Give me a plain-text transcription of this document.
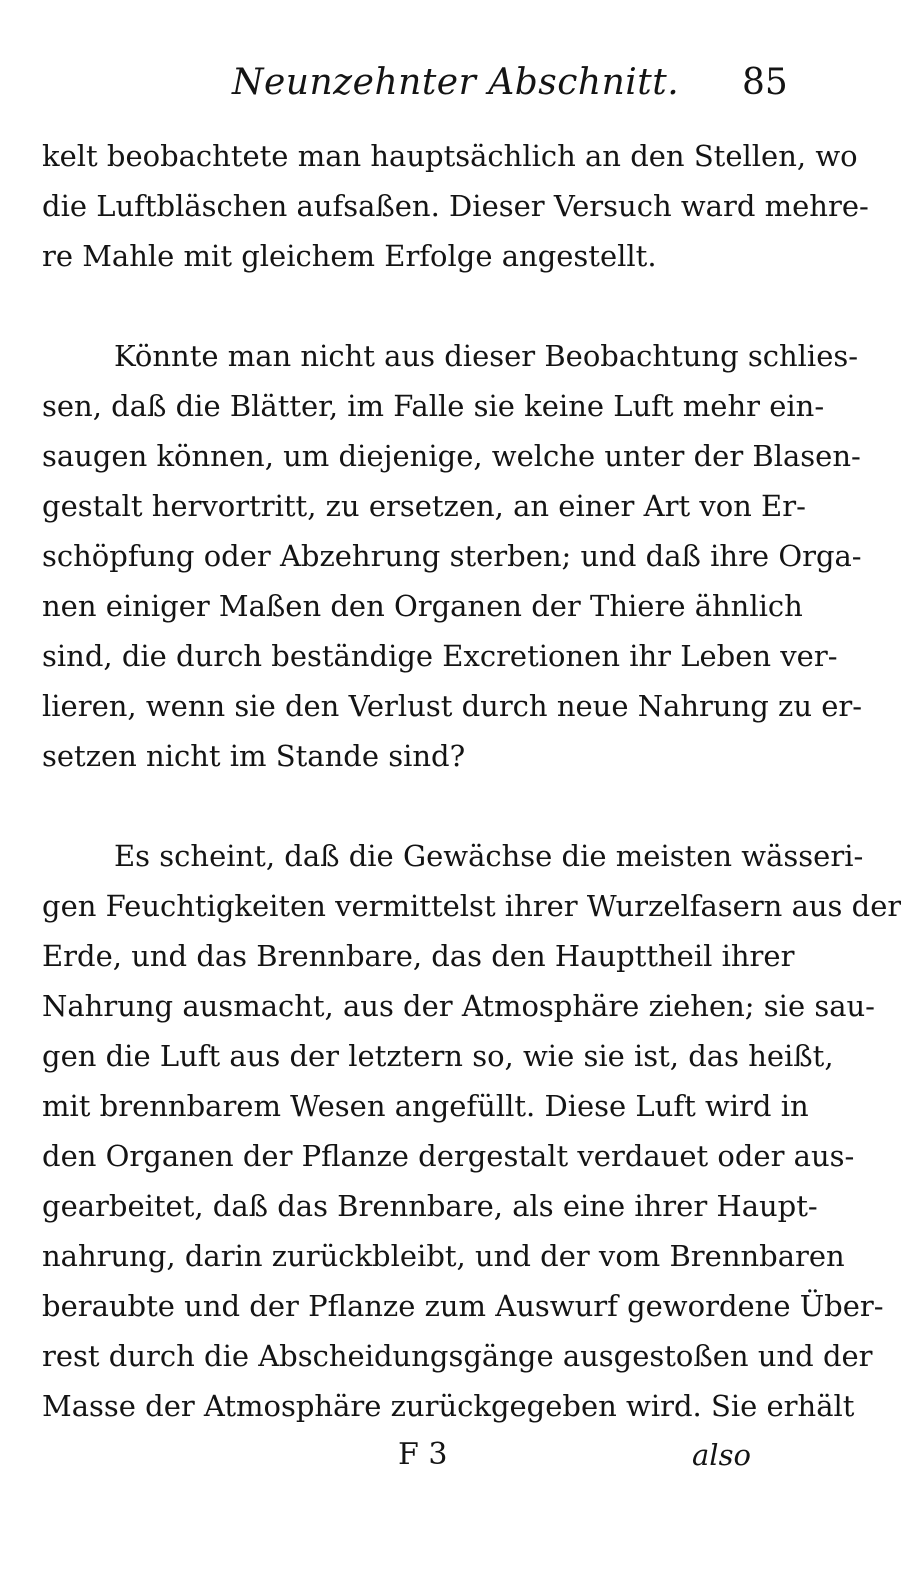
Neunzehnter Abschnitt. 85
kelt beobachtete man hauptsächlich an den Stellen, wo
die Luftbläschen aufsaßen. Dieser Versuch ward mehre-
re Mahle mit gleichem Erfolge angestellt.
Könnte man nicht aus dieser Beobachtung schlies-
sen, daß die Blätter, im Falle sie keine Luft mehr ein-
saugen können, um diejenige, welche unter der Blasen-
gestalt hervortritt, zu ersetzen, an einer Art von Er-
schöpfung oder Abzehrung sterben; und daß ihre Orga-
nen einiger Maßen den Organen der Thiere ähnlich
sind, die durch beständige Excretionen ihr Leben ver-
lieren, wenn sie den Verlust durch neue Nahrung zu er-
setzen nicht im Stande sind?
Es scheint, daß die Gewächse die meisten wässeri-
gen Feuchtigkeiten vermittelst ihrer Wurzelfasern aus der
Erde, und das Brennbare, das den Haupttheil ihrer
Nahrung ausmacht, aus der Atmosphäre ziehen; sie sau-
gen die Luft aus der letztern so, wie sie ist, das heißt,
mit brennbarem Wesen angefüllt. Diese Luft wird in
den Organen der Pflanze dergestalt verdauet oder aus-
gearbeitet, daß das Brennbare, als eine ihrer Haupt-
nahrung, darin zurückbleibt, und der vom Brennbaren
beraubte und der Pflanze zum Auswurf gewordene Über-
rest durch die Abscheidungsgänge ausgestoßen und der
Masse der Atmosphäre zurückgegeben wird. Sie erhält
F 3	also
